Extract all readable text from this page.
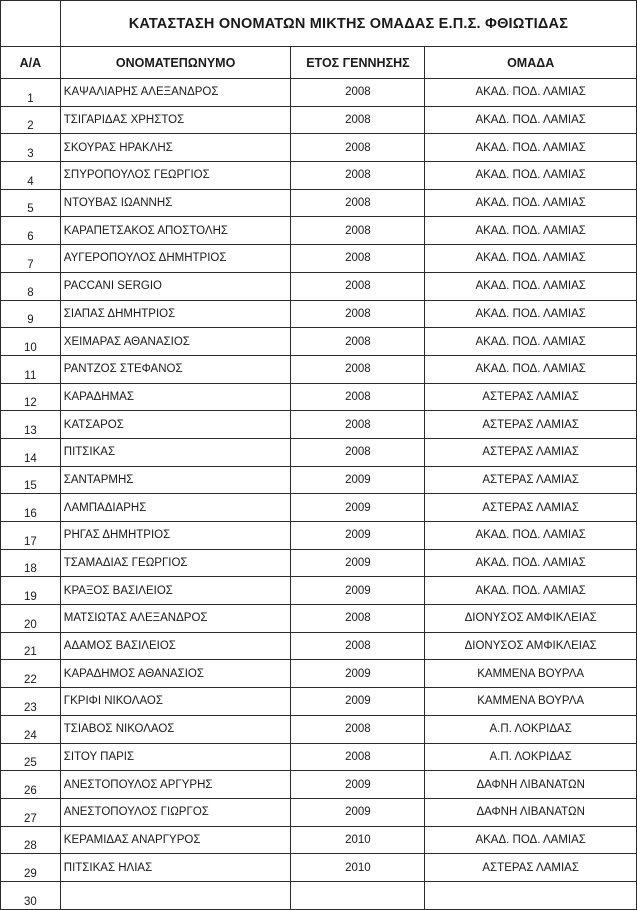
	ΚΑΤΑΣΤΑΣΗ ΟΝΟΜΑΤΩΝ ΜΙΚΤΗΣ ΟΜΑΔΑΣ Ε.Π.Σ. ΦΘΙΩΤΙΔΑΣ		
Α/Α	ΟΝΟΜΑΤΕΠΩΝΥΜΟ	ΕΤΟΣ ΓΕΝΝΗΣΗΣ	ΟΜΑΔΑ
1	ΚΑΨΑΛΙΑΡΗΣ ΑΛΕΞΑΝΔΡΟΣ	2008	ΑΚΑΔ. ΠΟΔ. ΛΑΜΙΑΣ
2	ΤΣΙΓΑΡΙΔΑΣ ΧΡΗΣΤΟΣ	2008	ΑΚΑΔ. ΠΟΔ. ΛΑΜΙΑΣ
3	ΣΚΟΥΡΑΣ ΗΡΑΚΛΗΣ	2008	ΑΚΑΔ. ΠΟΔ. ΛΑΜΙΑΣ
4	ΣΠΥΡΟΠΟΥΛΟΣ ΓΕΩΡΓΙΟΣ	2008	ΑΚΑΔ. ΠΟΔ. ΛΑΜΙΑΣ
5	ΝΤΟΥΒΑΣ ΙΩΑΝΝΗΣ	2008	ΑΚΑΔ. ΠΟΔ. ΛΑΜΙΑΣ
6	ΚΑΡΑΠΕΤΣΑΚΟΣ ΑΠΟΣΤΟΛΗΣ	2008	ΑΚΑΔ. ΠΟΔ. ΛΑΜΙΑΣ
7	ΑΥΓΕΡΟΠΟΥΛΟΣ ΔΗΜΗΤΡΙΟΣ	2008	ΑΚΑΔ. ΠΟΔ. ΛΑΜΙΑΣ
8	PACCANI SERGIO	2008	ΑΚΑΔ. ΠΟΔ. ΛΑΜΙΑΣ
9	ΣΙΑΠΑΣ ΔΗΜΗΤΡΙΟΣ	2008	ΑΚΑΔ. ΠΟΔ. ΛΑΜΙΑΣ
10	ΧΕΙΜΑΡΑΣ ΑΘΑΝΑΣΙΟΣ	2008	ΑΚΑΔ. ΠΟΔ. ΛΑΜΙΑΣ
11	ΡΑΝΤΖΟΣ ΣΤΕΦΑΝΟΣ	2008	ΑΚΑΔ. ΠΟΔ. ΛΑΜΙΑΣ
12	ΚΑΡΑΔΗΜΑΣ	2008	ΑΣΤΕΡΑΣ ΛΑΜΙΑΣ
13	ΚΑΤΣΑΡΟΣ	2008	ΑΣΤΕΡΑΣ ΛΑΜΙΑΣ
14	ΠΙΤΣΙΚΑΣ	2008	ΑΣΤΕΡΑΣ ΛΑΜΙΑΣ
15	ΣΑΝΤΑΡΜΗΣ	2009	ΑΣΤΕΡΑΣ ΛΑΜΙΑΣ
16	ΛΑΜΠΑΔΙΑΡΗΣ	2009	ΑΣΤΕΡΑΣ ΛΑΜΙΑΣ
17	ΡΗΓΑΣ ΔΗΜΗΤΡΙΟΣ	2009	ΑΚΑΔ. ΠΟΔ. ΛΑΜΙΑΣ
18	ΤΣΑΜΑΔΙΑΣ ΓΕΩΡΓΙΟΣ	2009	ΑΚΑΔ. ΠΟΔ. ΛΑΜΙΑΣ
19	ΚΡΑΞΟΣ ΒΑΣΙΛΕΙΟΣ	2009	ΑΚΑΔ. ΠΟΔ. ΛΑΜΙΑΣ
20	ΜΑΤΣΙΩΤΑΣ ΑΛΕΞΑΝΔΡΟΣ	2008	ΔΙΟΝΥΣΟΣ ΑΜΦΙΚΛΕΙΑΣ
21	ΑΔΑΜΟΣ ΒΑΣΙΛΕΙΟΣ	2008	ΔΙΟΝΥΣΟΣ ΑΜΦΙΚΛΕΙΑΣ
22	ΚΑΡΑΔΗΜΟΣ ΑΘΑΝΑΣΙΟΣ	2009	ΚΑΜΜΕΝΑ ΒΟΥΡΛΑ
23	ΓΚΡΙΦΙ ΝΙΚΟΛΑΟΣ	2009	ΚΑΜΜΕΝΑ ΒΟΥΡΛΑ
24	ΤΣΙΑΒΟΣ ΝΙΚΟΛΑΟΣ	2008	Α.Π. ΛΟΚΡΙΔΑΣ
25	ΣΙΤΟΥ ΠΑΡΙΣ	2008	Α.Π. ΛΟΚΡΙΔΑΣ
26	ΑΝΕΣΤΟΠΟΥΛΟΣ ΑΡΓΥΡΗΣ	2009	ΔΑΦΝΗ ΛΙΒΑΝΑΤΩΝ
27	ΑΝΕΣΤΟΠΟΥΛΟΣ ΓΙΩΡΓΟΣ	2009	ΔΑΦΝΗ ΛΙΒΑΝΑΤΩΝ
28	ΚΕΡΑΜΙΔΑΣ ΑΝΑΡΓΥΡΟΣ	2010	ΑΚΑΔ. ΠΟΔ. ΛΑΜΙΑΣ
29	ΠΙΤΣΙΚΑΣ ΗΛΙΑΣ	2010	ΑΣΤΕΡΑΣ ΛΑΜΙΑΣ
30			
